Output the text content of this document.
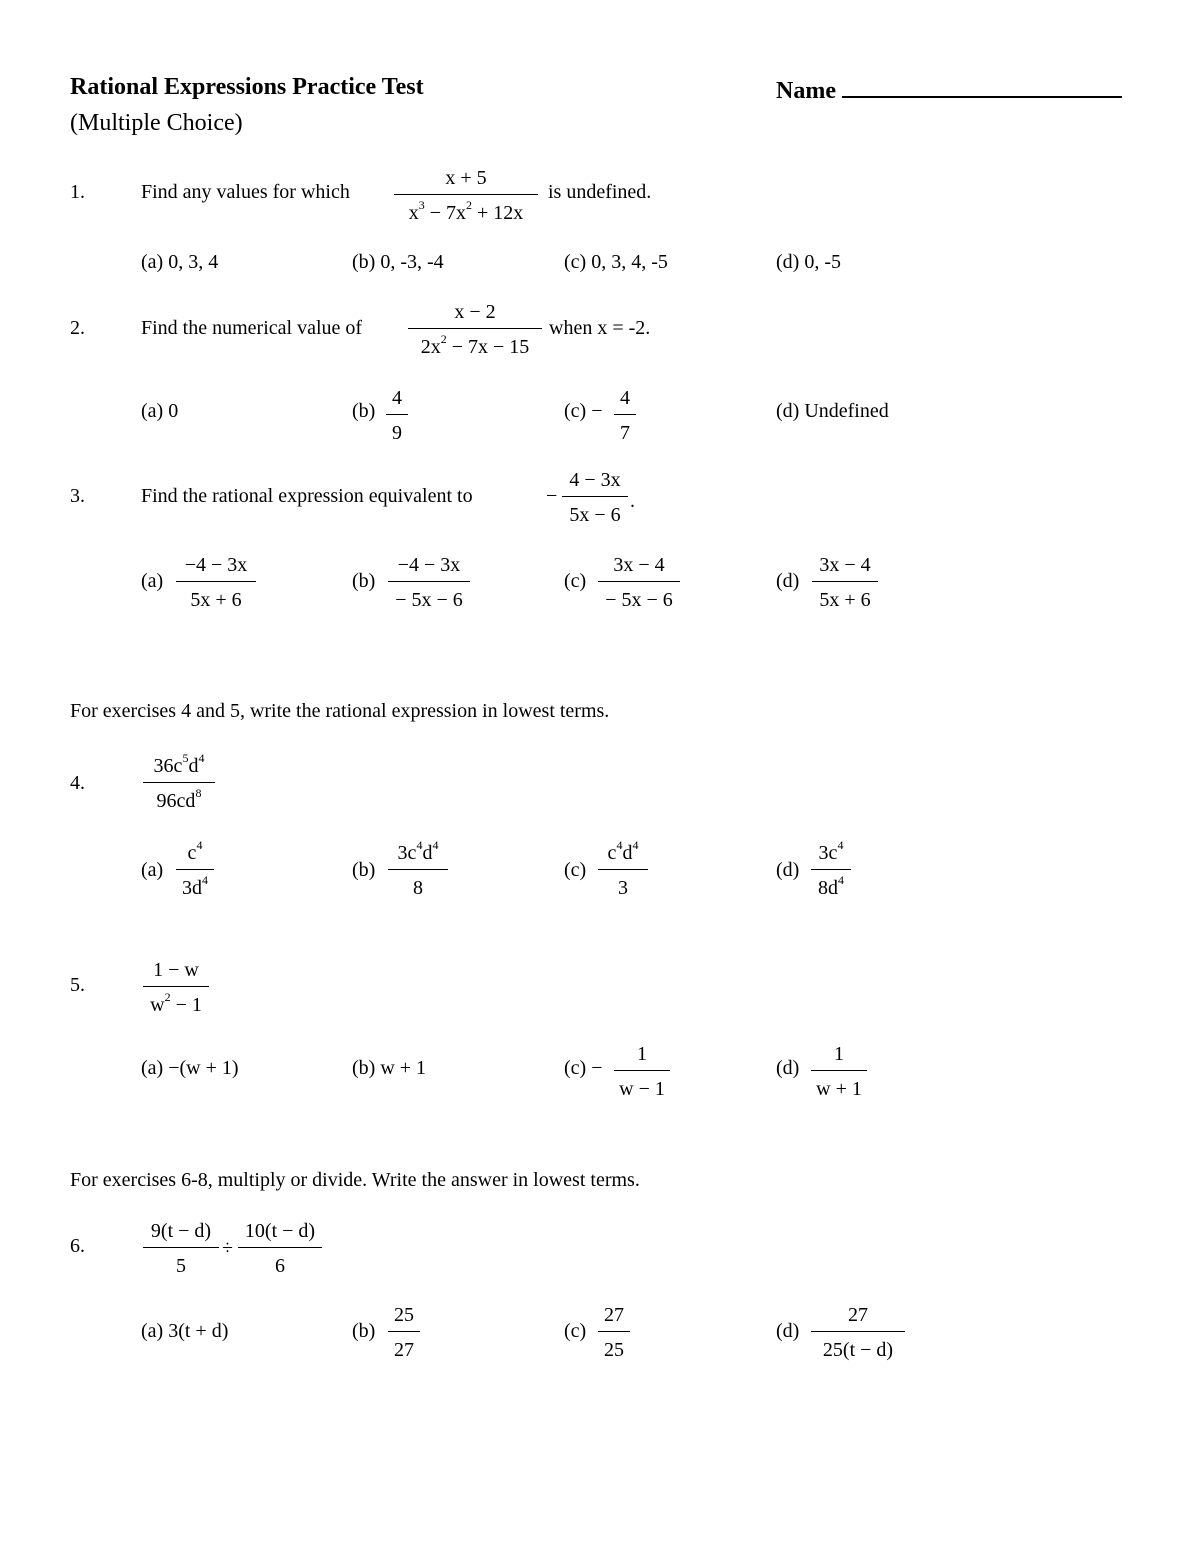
Rational Expressions Practice Test
(Multiple Choice)
Name
1.	Find any values for which
x + 5
$x^3 - 7x^2 + 12x$
is undefined.
(a) 0, 3, 4	(b) 0, -3, -4	(c) 0, 3, 4, -5	(d) 0, -5
2.	Find the numerical value of
x − 2
$2x^2 - 7x - 15$
when x = -2.
(a) 0	(b)
4
9
(c) −
4
7
(d) Undefined
3.	Find the rational expression equivalent to	−
4 − 3x
5x − 6
.
(a)
−4 − 3x
5x + 6
(b)
−4 − 3x
− 5x − 6
(c)
3x − 4
− 5x − 6
(d)
3x − 4
5x + 6
For exercises 4 and 5, write the rational expression in lowest terms.
4.
$36c^5d^4$
$96cd^8$
(a)
$c^4$
$3d^4$	(b)
$3c^4d^4$
8
(c)
$c^4d^4$
3
(d)
$3c^4$
$8d^4$
5.
1 − w
$w^2 - 1$
(a) −(w + 1)	(b) w + 1	(c) −
1
w − 1
(d)
1
w + 1
For exercises 6-8, multiply or divide. Write the answer in lowest terms.
6.
9(t − d)
5
÷
10(t − d)
6
(a) 3(t + d)	(b)
25
27
(c)
27
25
(d)
27
25(t − d)
